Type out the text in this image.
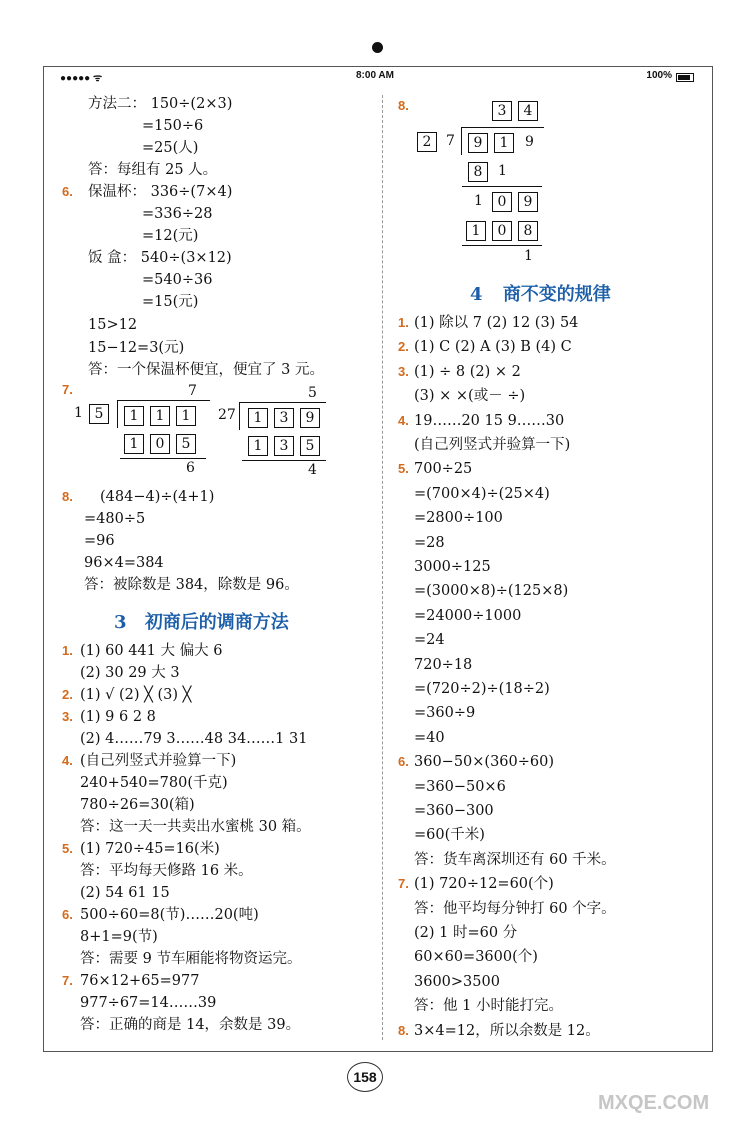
●●●●● ᯤ	8:00 AM	100%
方法二： 150÷(2×3)
=150÷6
=25(人)
答：每组有 25 人。
6.	保温杯： 336÷(7×4)
=336÷28
=12(元)
饭 盒： 540÷(3×12)
=540÷36
=15(元)
15>12
15−12=3(元)
答：一个保温杯便宜，便宜了 3 元。
7.	7
1 5	1	1	1
1	0	5
6
5
27	1	3	9
1	3	5
4
8.	(484−4)÷(4+1)
=480÷5
=96
96×4=384
答：被除数是 384，除数是 96。
3 初商后的调商方法
1. (1) 60 441 大 偏大 6
(2) 30 29 大 3
2. (1) √ (2) ╳ (3) ╳
3. (1) 9 6 2 8
(2) 4……79 3……48 34……1 31
4. (自己列竖式并验算一下)
240+540=780(千克)
780÷26=30(箱)
答：这一天一共卖出水蜜桃 30 箱。
5. (1) 720÷45=16(米)
答：平均每天修路 16 米。
(2) 54 61 15
6. 500÷60=8(节)……20(吨)
8+1=9(节)
答：需要 9 节车厢能将物资运完。
7. 76×12+65=977
977÷67=14……39
答：正确的商是 14，余数是 39。
8.	3	4
2	7	9	1	9
8	1
1	0	9
1	0	8
1
4 商不变的规律
1. (1) 除以 7 (2) 12 (3) 54
2. (1) C (2) A (3) B (4) C
3. (1) ÷ 8 (2) × 2
(3) × ×(或－ ÷)
4. 19……20 15 9……30
(自己列竖式并验算一下)
5. 700÷25
=(700×4)÷(25×4)
=2800÷100
=28
3000÷125
=(3000×8)÷(125×8)
=24000÷1000
=24
720÷18
=(720÷2)÷(18÷2)
=360÷9
=40
6. 360−50×(360÷60)
=360−50×6
=360−300
=60(千米)
答：货车离深圳还有 60 千米。
7. (1) 720÷12=60(个)
答：他平均每分钟打 60 个字。
(2) 1 时=60 分
60×60=3600(个)
3600>3500
答：他 1 小时能打完。
8. 3×4=12，所以余数是 12。
158
MXQE.COM
